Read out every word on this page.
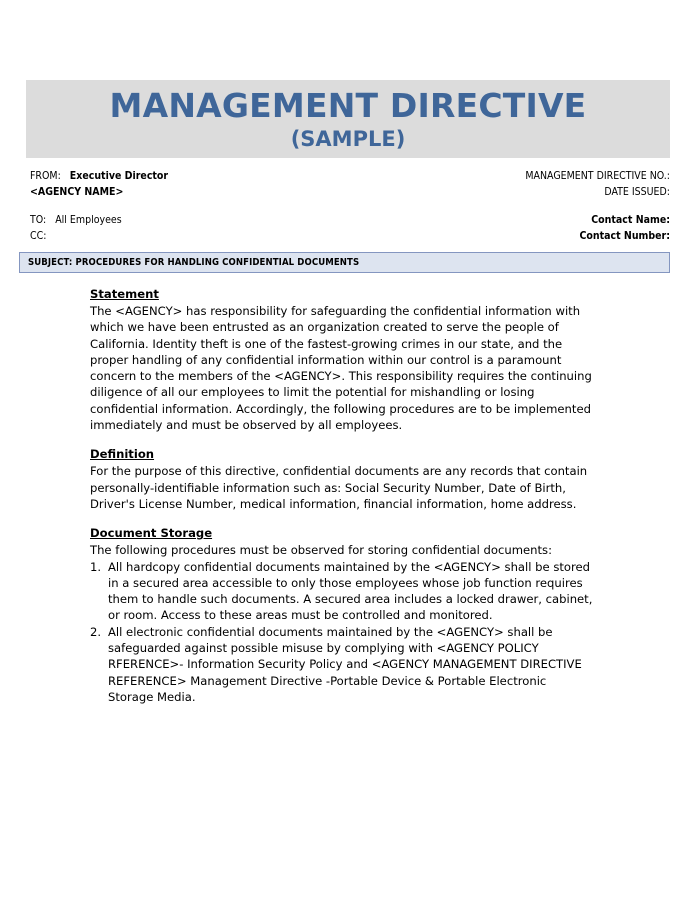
MANAGEMENT DIRECTIVE
(SAMPLE)
FROM: Executive Director
<AGENCY NAME>
TO: All Employees
CC:
MANAGEMENT DIRECTIVE NO.:
DATE ISSUED:
Contact Name:
Contact Number:
SUBJECT: PROCEDURES FOR HANDLING CONFIDENTIAL DOCUMENTS
Statement
The <AGENCY> has responsibility for safeguarding the confidential information with which we have been entrusted as an organization created to serve the people of California. Identity theft is one of the fastest-growing crimes in our state, and the proper handling of any confidential information within our control is a paramount concern to the members of the <AGENCY>. This responsibility requires the continuing diligence of all our employees to limit the potential for mishandling or losing confidential information. Accordingly, the following procedures are to be implemented immediately and must be observed by all employees.
Definition
For the purpose of this directive, confidential documents are any records that contain personally-identifiable information such as: Social Security Number, Date of Birth, Driver's License Number, medical information, financial information, home address.
Document Storage
The following procedures must be observed for storing confidential documents:
1. All hardcopy confidential documents maintained by the <AGENCY> shall be stored in a secured area accessible to only those employees whose job function requires them to handle such documents. A secured area includes a locked drawer, cabinet, or room. Access to these areas must be controlled and monitored.
2. All electronic confidential documents maintained by the <AGENCY> shall be safeguarded against possible misuse by complying with <AGENCY POLICY RFERENCE>- Information Security Policy and <AGENCY MANAGEMENT DIRECTIVE REFERENCE> Management Directive -Portable Device & Portable Electronic Storage Media.
